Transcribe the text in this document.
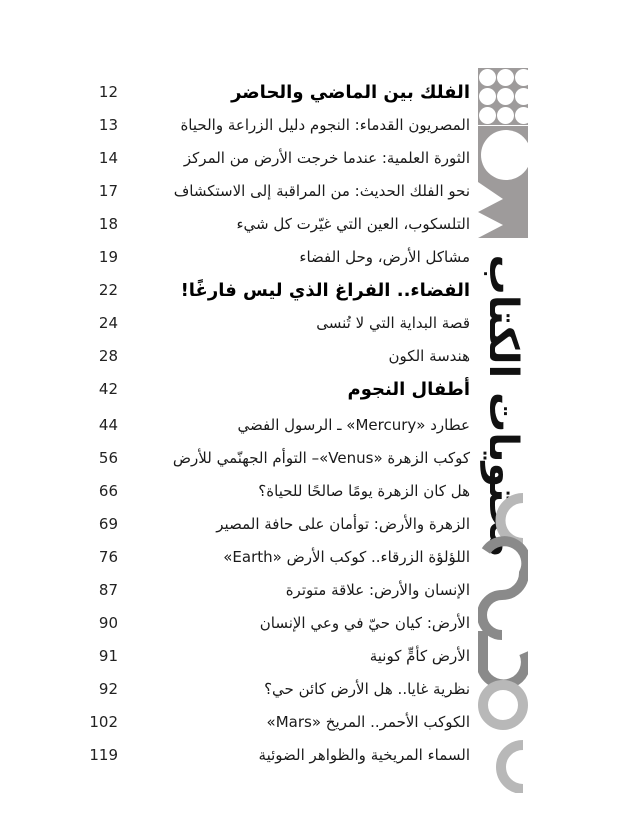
محتويات الكتاب
12	الفلك بين الماضي والحاضر
13	المصريون القدماء: النجوم دليل الزراعة والحياة
14	الثورة العلمية: عندما خرجت الأرض من المركز
17	نحو الفلك الحديث: من المراقبة إلى الاستكشاف
18	التلسكوب، العين التي غيّرت كل شيء
19	مشاكل الأرض، وحل الفضاء
22	الفضاء.. الفراغ الذي ليس فارغًا!
24	قصة البداية التي لا تُنسى
28	هندسة الكون
42	أطفال النجوم
44	عطارد «Mercury» ـ الرسول الفضي
56	كوكب الزهرة «Venus»– التوأم الجهنّمي للأرض
66	هل كان الزهرة يومًا صالحًا للحياة؟
69	الزهرة والأرض: توأمان على حافة المصير
76	اللؤلؤة الزرقاء.. كوكب الأرض «Earth»
87	الإنسان والأرض: علاقة متوترة
90	الأرض: كيان حيّ في وعي الإنسان
91	الأرض كأمٍّ كونية
92	نظرية غايا.. هل الأرض كائن حي؟
102	الكوكب الأحمر.. المريخ «Mars»
119	السماء المريخية والظواهر الضوئية
